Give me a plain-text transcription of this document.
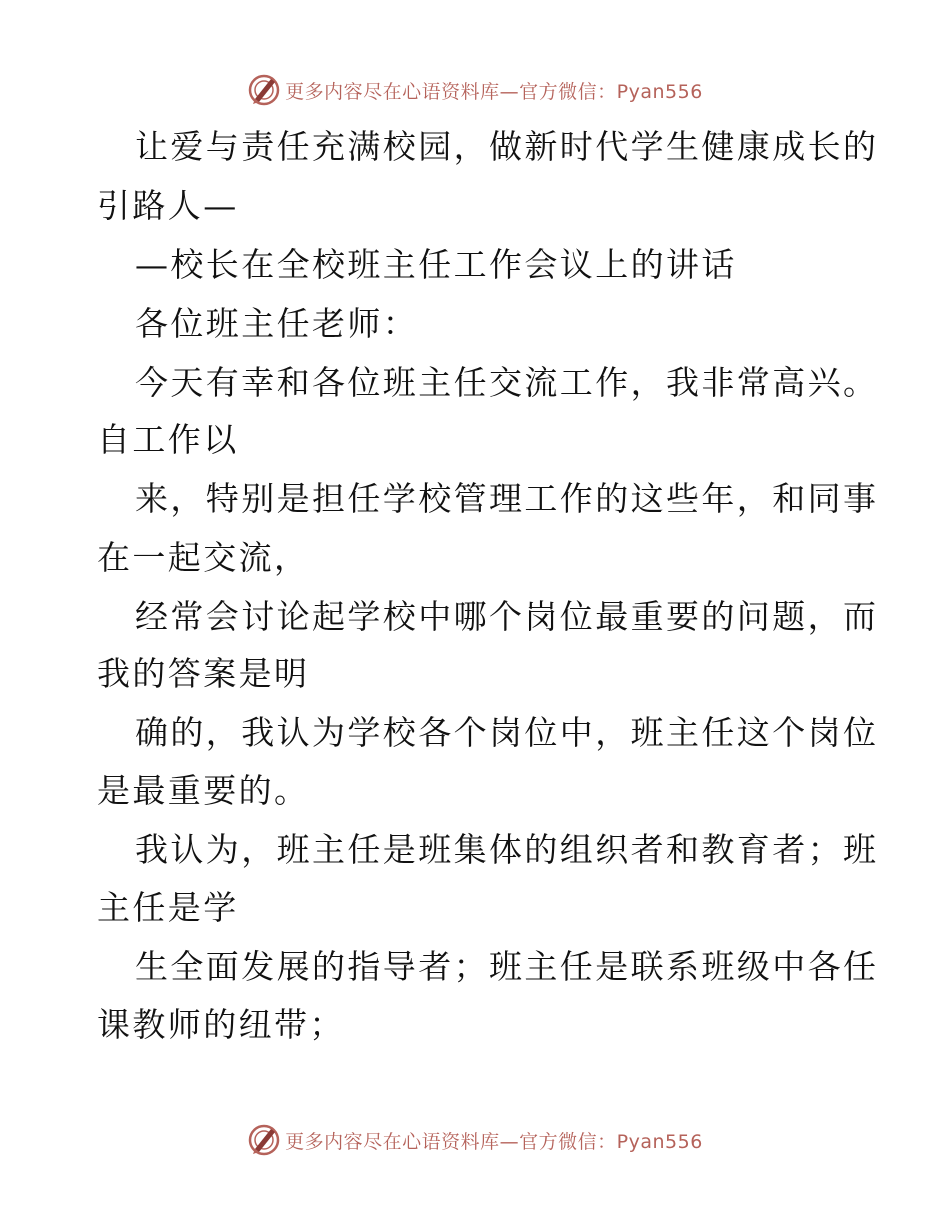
更多内容尽在心语资料库—官方微信：Pyan556
让爱与责任充满校园，做新时代学生健康成长的
引路人—
—校长在全校班主任工作会议上的讲话
各位班主任老师：
今天有幸和各位班主任交流工作，我非常高兴。
自工作以
来，特别是担任学校管理工作的这些年，和同事
在一起交流，
经常会讨论起学校中哪个岗位最重要的问题，而
我的答案是明
确的，我认为学校各个岗位中，班主任这个岗位
是最重要的。
我认为，班主任是班集体的组织者和教育者；班
主任是学
生全面发展的指导者；班主任是联系班级中各任
课教师的纽带；
更多内容尽在心语资料库—官方微信：Pyan556
